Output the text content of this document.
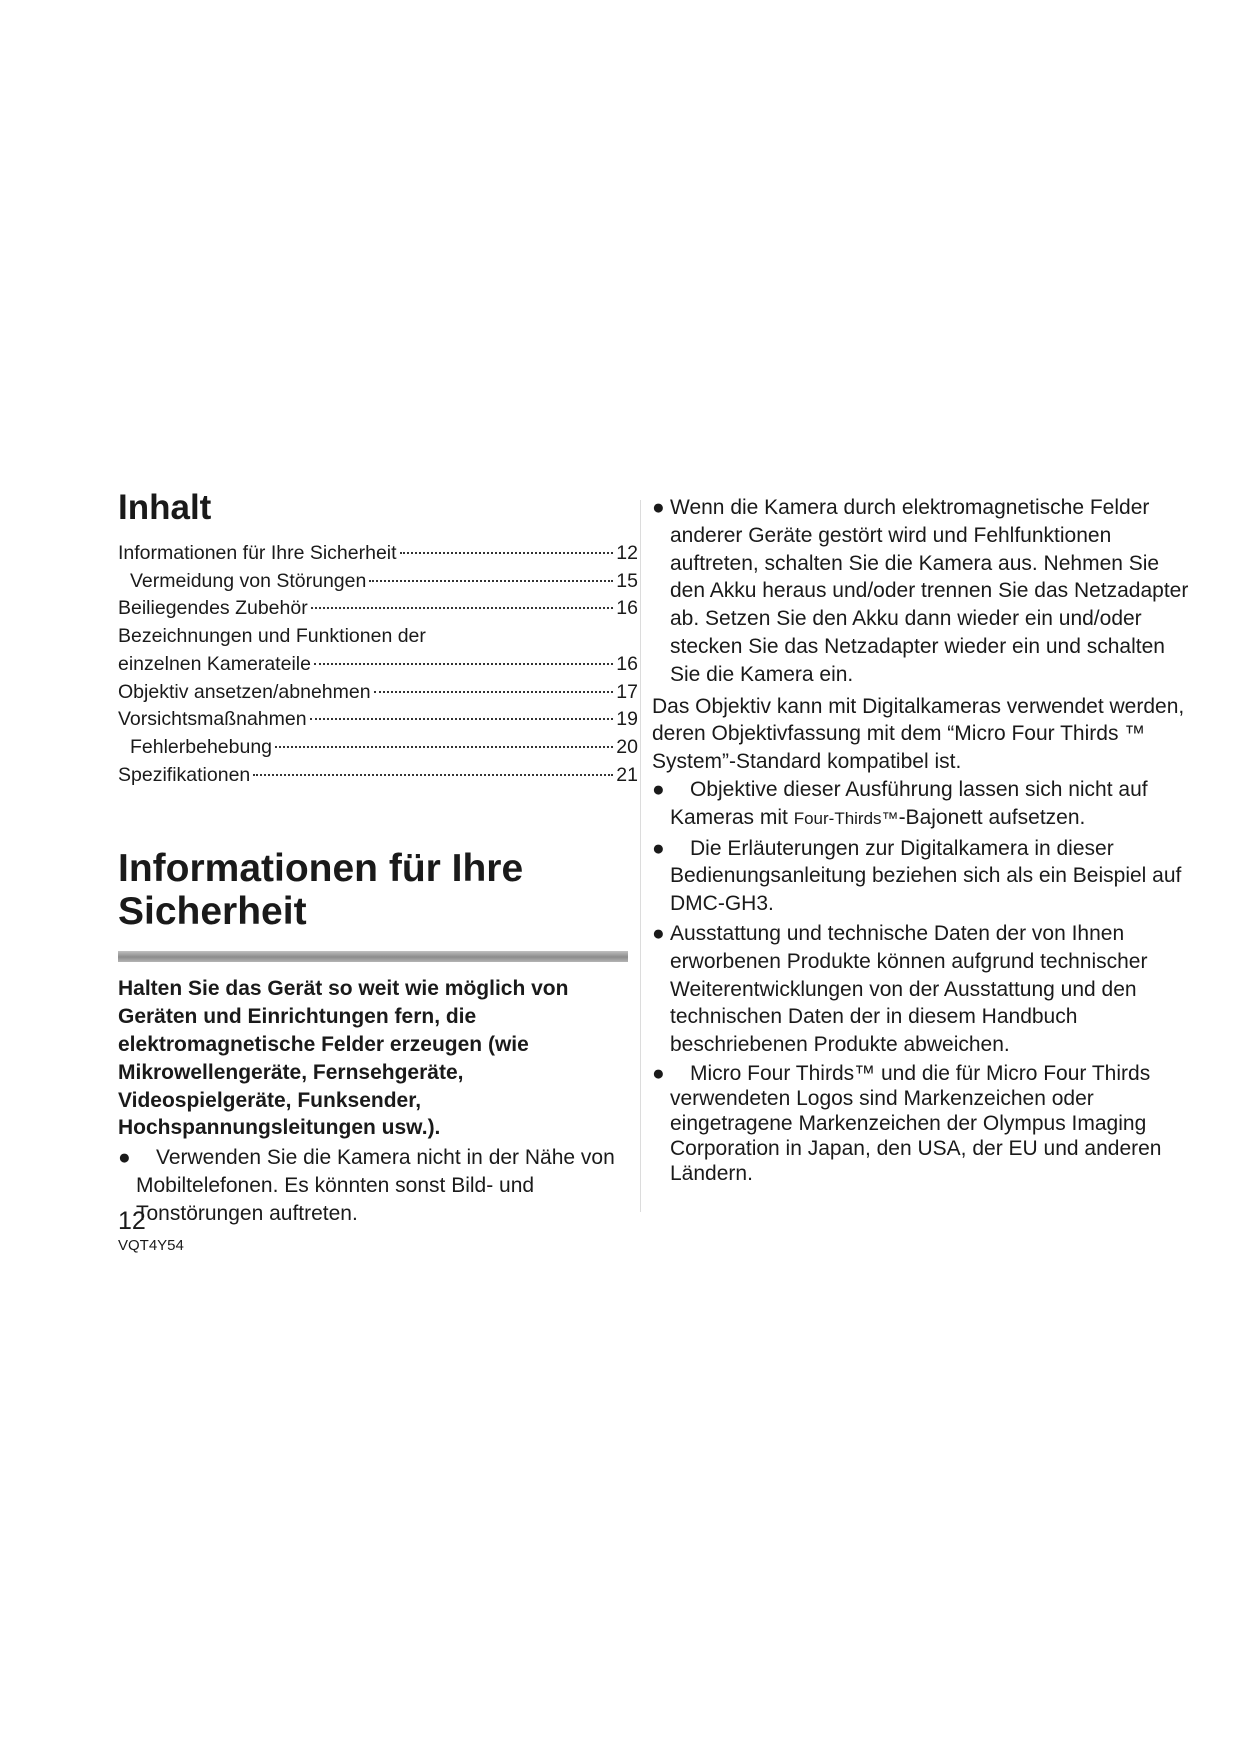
Inhalt
Informationen für Ihre Sicherheit	12
Vermeidung von Störungen	15
Beiliegendes Zubehör	16
Bezeichnungen und Funktionen der
einzelnen Kamerateile	16
Objektiv ansetzen/abnehmen	17
Vorsichtsmaßnahmen	19
Fehlerbehebung	20
Spezifikationen	21
Informationen für Ihre
Sicherheit

Halten Sie das Gerät so weit wie möglich von Geräten und Einrichtungen fern, die elektromagnetische Felder erzeugen (wie Mikrowellengeräte, Fernsehgeräte, Videospielgeräte, Funksender, Hochspannungsleitungen usw.).

● Verwenden Sie die Kamera nicht in der Nähe von Mobiltelefonen. Es könnten sonst Bild- und Tonstörungen auftreten.
● Wenn die Kamera durch elektromagnetische Felder anderer Geräte gestört wird und Fehlfunktionen auftreten, schalten Sie die Kamera aus. Nehmen Sie den Akku heraus und/oder trennen Sie das Netzadapter ab. Setzen Sie den Akku dann wieder ein und/oder stecken Sie das Netzadapter wieder ein und schalten Sie die Kamera ein.

Das Objektiv kann mit Digitalkameras verwendet werden, deren Objektivfassung mit dem “Micro Four Thirds ™ System”-Standard kompatibel ist.

● Objektive dieser Ausführung lassen sich nicht auf Kameras mit Four-Thirds™-Bajonett aufsetzen.
● Die Erläuterungen zur Digitalkamera in dieser Bedienungsanleitung beziehen sich als ein Beispiel auf DMC-GH3.
● Ausstattung und technische Daten der von Ihnen erworbenen Produkte können aufgrund technischer Weiterentwicklungen von der Ausstattung und den technischen Daten der in diesem Handbuch beschriebenen Produkte abweichen.
● Micro Four Thirds™ und die für Micro Four Thirds verwendeten Logos sind Markenzeichen oder eingetragene Markenzeichen der Olympus Imaging Corporation in Japan, den USA, der EU und anderen Ländern.
12
VQT4Y54
